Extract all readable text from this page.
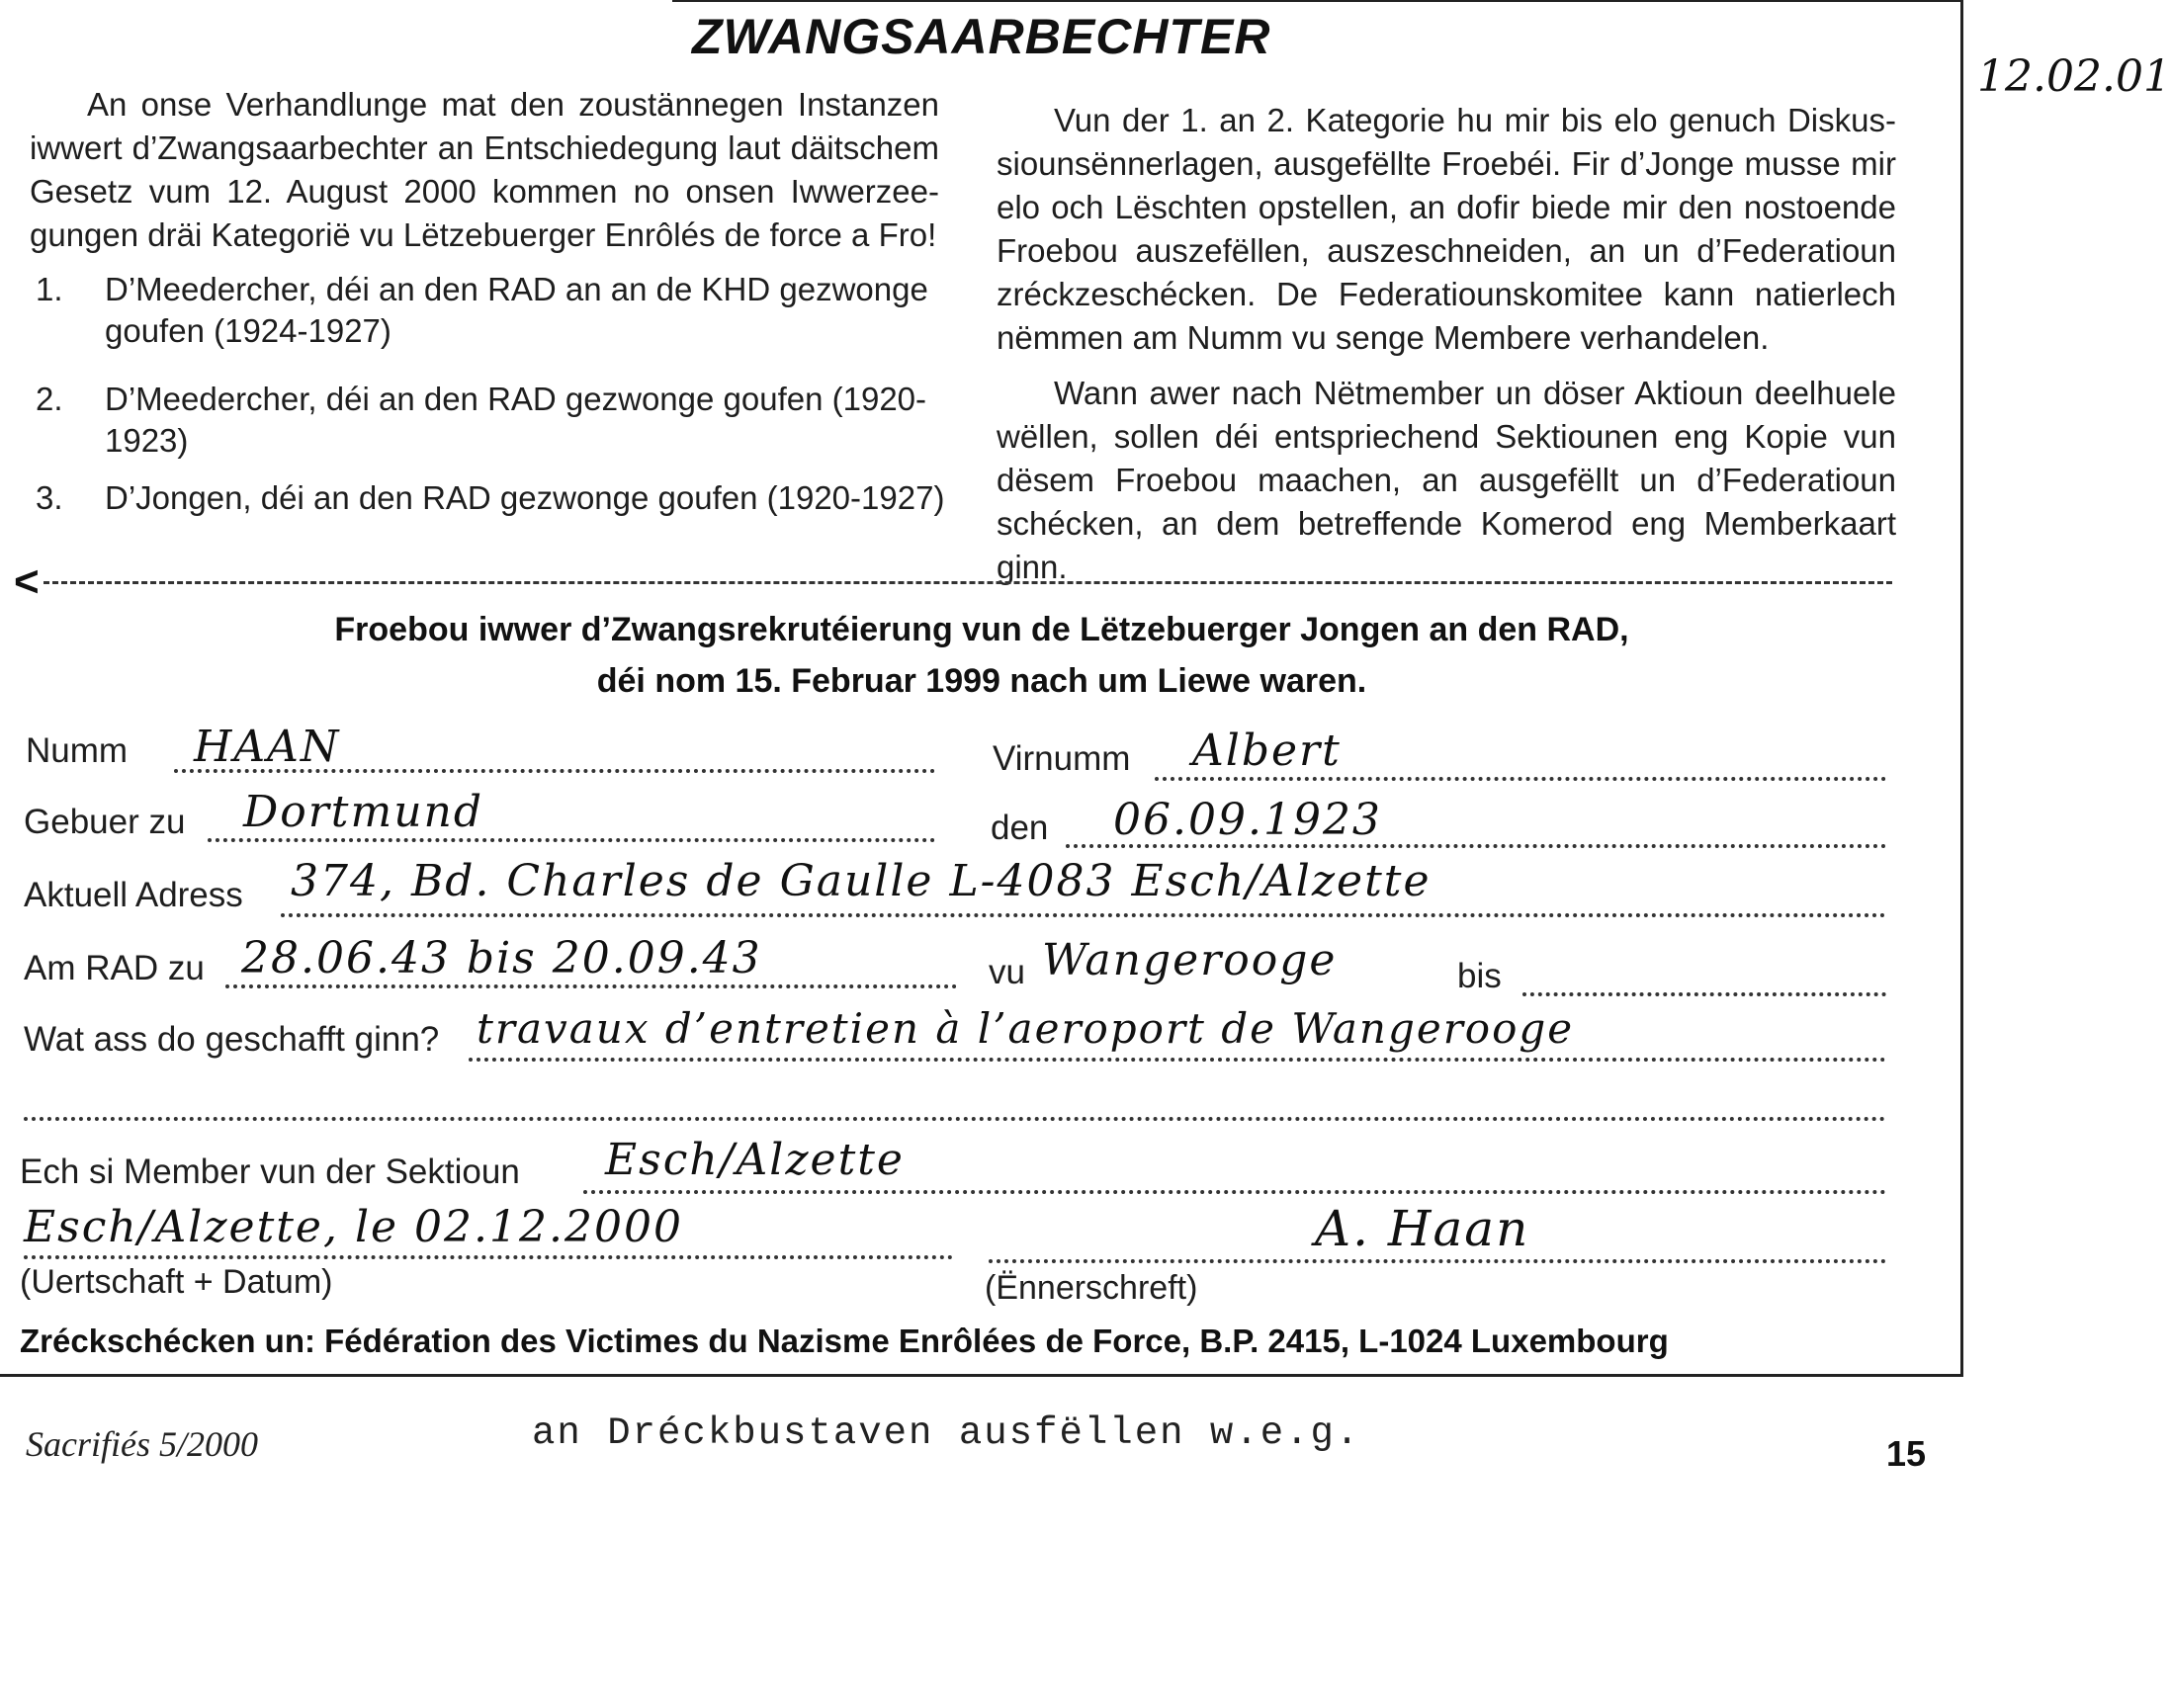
ZWANGSAARBECHTER
12.02.01
An onse Verhandlunge mat den zoustännegen Instanzen iwwert d’Zwangsaarbechter an Entschiedegung laut däitschem Gesetz vum 12. August 2000 kommen no onsen Iwwerzee-gungen dräi Kategorië vu Lëtzebuerger Enrôlés de force a Fro!
1. D’Meedercher, déi an den RAD an an de KHD gezwonge goufen (1924-1927)
2. D’Meedercher, déi an den RAD gezwonge goufen (1920-1923)
3. D’Jongen, déi an den RAD gezwonge goufen (1920-1927)
Vun der 1. an 2. Kategorie hu mir bis elo genuch Diskus-siounsënnerlagen, ausgefëllte Froebéi. Fir d’Jonge musse mir elo och Lëschten opstellen, an dofir biede mir den nostoende Froebou auszefëllen, auszeschneiden, an un d’Federatioun zréckzeschécken. De Federatiounskomitee kann natierlech nëmmen am Numm vu senge Membere verhandelen.
Wann awer nach Nëtmember un döser Aktioun deelhuele wëllen, sollen déi entspriechend Sektiounen eng Kopie vun dësem Froebou maachen, an ausgefëllt un d’Federatioun schécken, an dem betreffende Komerod eng Memberkaart ginn.
<
Froebou iwwer d’Zwangsrekrutéierung vun de Lëtzebuerger Jongen an den RAD,
déi nom 15. Februar 1999 nach um Liewe waren.
Numm HAAN	Virnumm Albert
Gebuer zu Dortmund	den 06.09.1923
Aktuell Adress 374, Bd. Charles de Gaulle L-4083 Esch/Alzette
Am RAD zu 28.06.43 bis 20.09.43	vu Wangerooge	bis
Wat ass do geschafft ginn? travaux d’entretien à l’aeroport de Wangerooge
Ech si Member vun der Sektioun Esch/Alzette
Esch/Alzette, le 02.12.2000	A. Haan
(Uertschaft + Datum)	(Ënnerschreft)
Zréckschécken un: Fédération des Victimes du Nazisme Enrôlées de Force, B.P. 2415, L-1024 Luxembourg
Sacrifiés 5/2000	an Dréckbustaven ausfëllen w.e.g.	15
